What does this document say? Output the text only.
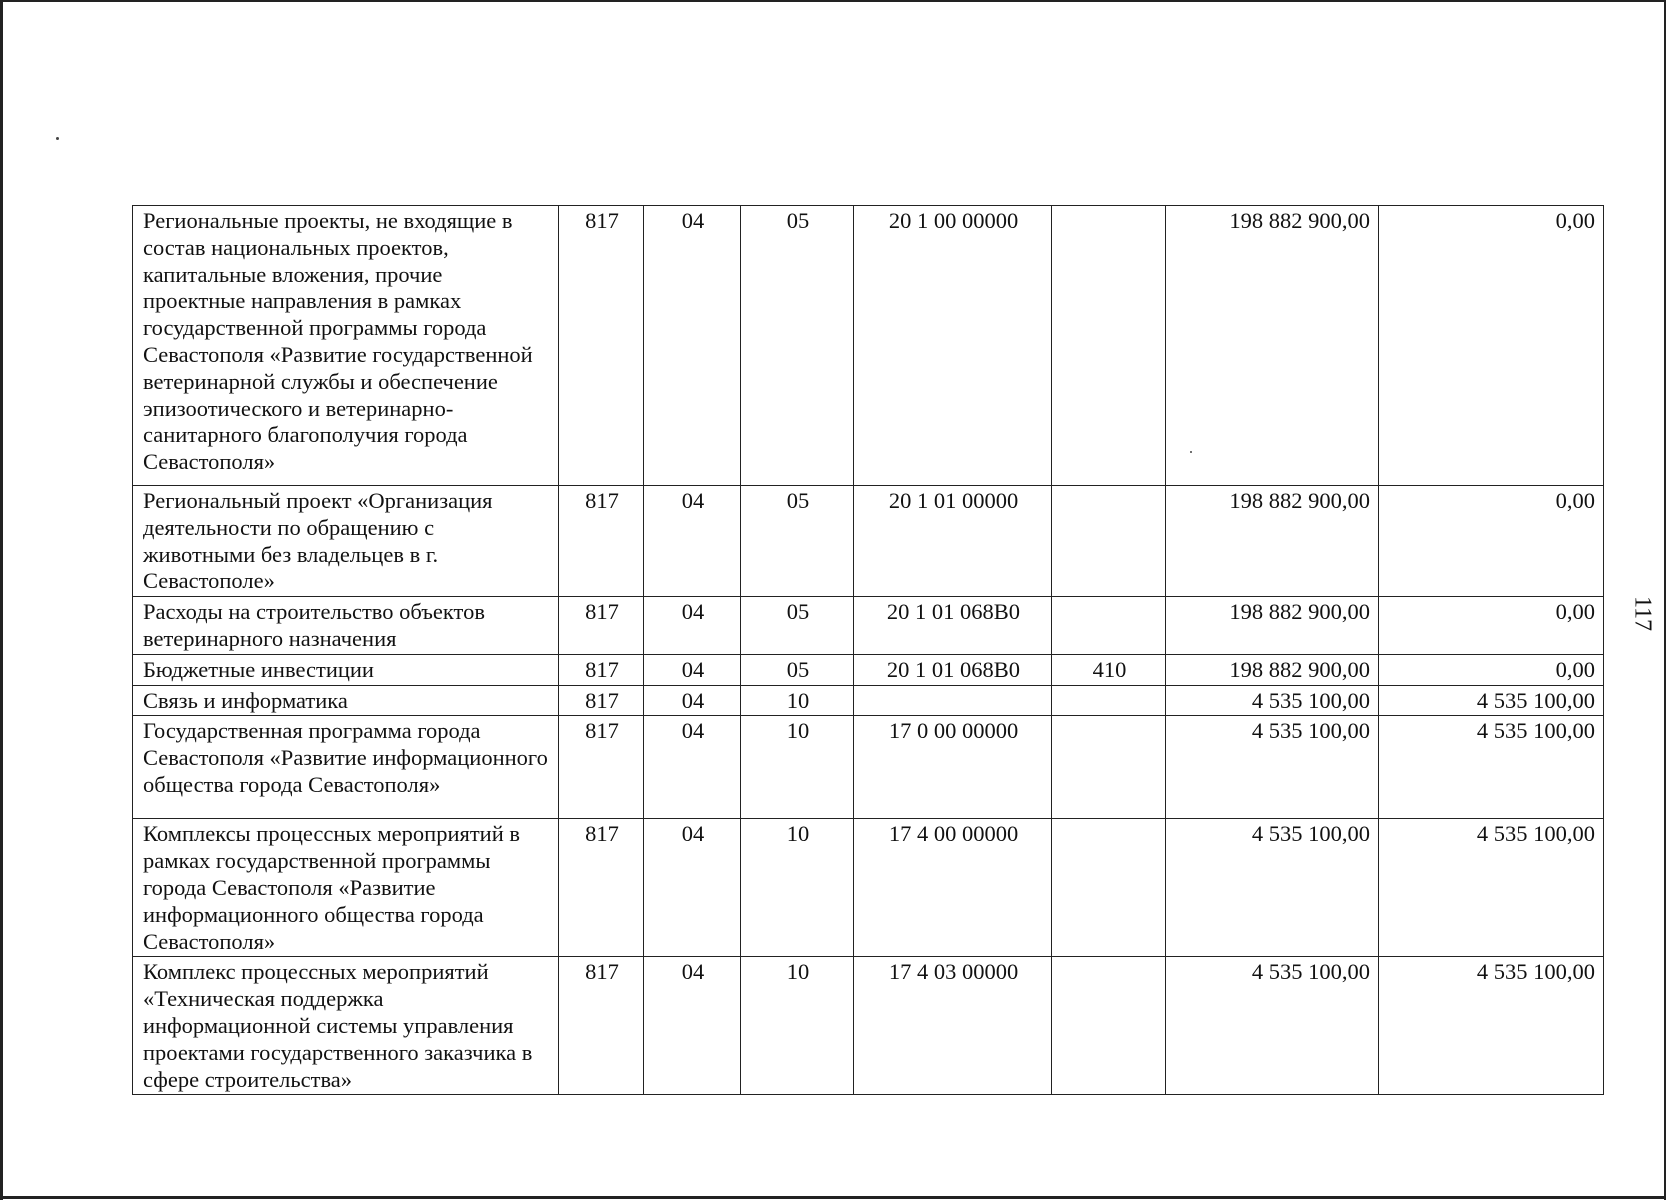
Региональные проекты, не входящие в состав национальных проектов, капитальные вложения, прочие проектные направления в рамках государственной программы города Севастополя «Развитие государственной ветеринарной службы и обеспечение эпизоотического и ветеринарно-санитарного благополучия города Севастополя»	817	04	05	20 1 00 00000		198 882 900,00	0,00
Региональный проект «Организация деятельности по обращению с животными без владельцев в г. Севастополе»	817	04	05	20 1 01 00000		198 882 900,00	0,00
Расходы на строительство объектов ветеринарного назначения	817	04	05	20 1 01 068В0		198 882 900,00	0,00
Бюджетные инвестиции	817	04	05	20 1 01 068В0	410	198 882 900,00	0,00
Связь и информатика	817	04	10			4 535 100,00	4 535 100,00
Государственная программа города Севастополя «Развитие информационного общества города Севастополя»	817	04	10	17 0 00 00000		4 535 100,00	4 535 100,00
Комплексы процессных мероприятий в рамках государственной программы города Севастополя «Развитие информационного общества города Севастополя»	817	04	10	17 4 00 00000		4 535 100,00	4 535 100,00
Комплекс процессных мероприятий «Техническая поддержка информационной системы управления проектами государственного заказчика в сфере строительства»	817	04	10	17 4 03 00000		4 535 100,00	4 535 100,00
117
